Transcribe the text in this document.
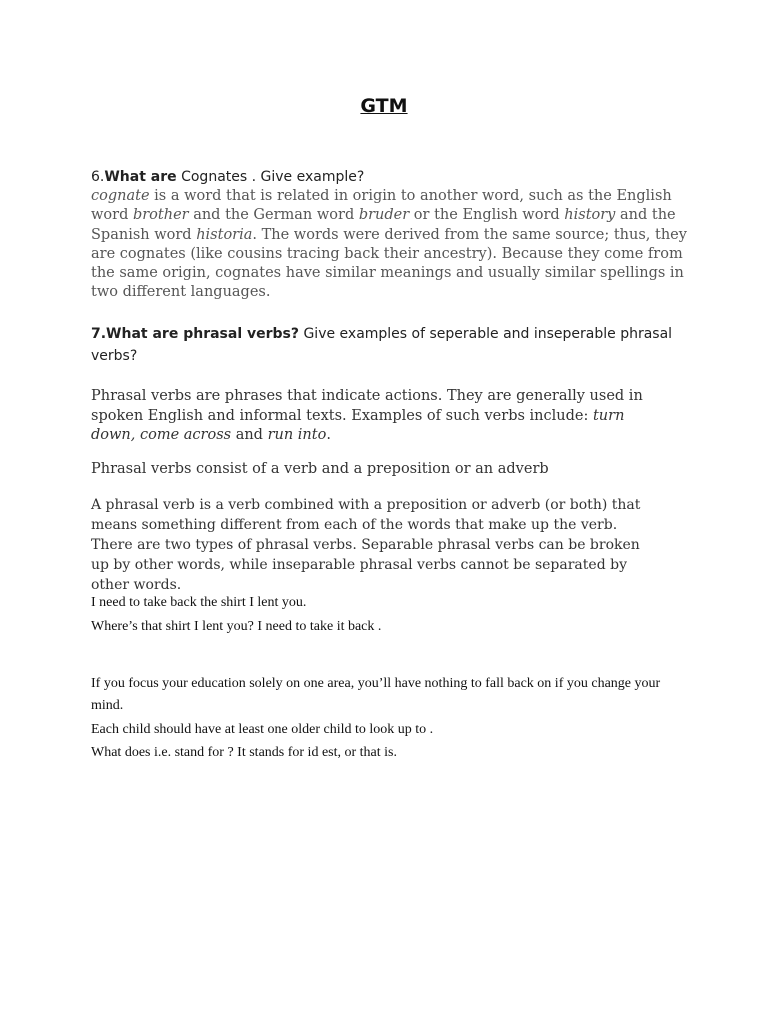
GTM
6.What are Cognates . Give example?
cognate is a word that is related in origin to another word, such as the English word brother and the German word bruder or the English word history and the Spanish word historia. The words were derived from the same source; thus, they are cognates (like cousins tracing back their ancestry). Because they come from the same origin, cognates have similar meanings and usually similar spellings in two different languages.
7.What are phrasal verbs? Give examples of seperable and inseperable phrasal verbs?
Phrasal verbs are phrases that indicate actions. They are generally used in spoken English and informal texts. Examples of such verbs include: turn down, come across and run into.
Phrasal verbs consist of a verb and a preposition or an adverb
A phrasal verb is a verb combined with a preposition or adverb (or both) that means something different from each of the words that make up the verb. There are two types of phrasal verbs. Separable phrasal verbs can be broken up by other words, while inseparable phrasal verbs cannot be separated by other words.
I need to take back the shirt I lent you.
Where’s that shirt I lent you? I need to take it back .
If you focus your education solely on one area, you’ll have nothing to fall back on if you change your mind.
Each child should have at least one older child to look up to .
What does i.e. stand for ? It stands for id est, or that is.
